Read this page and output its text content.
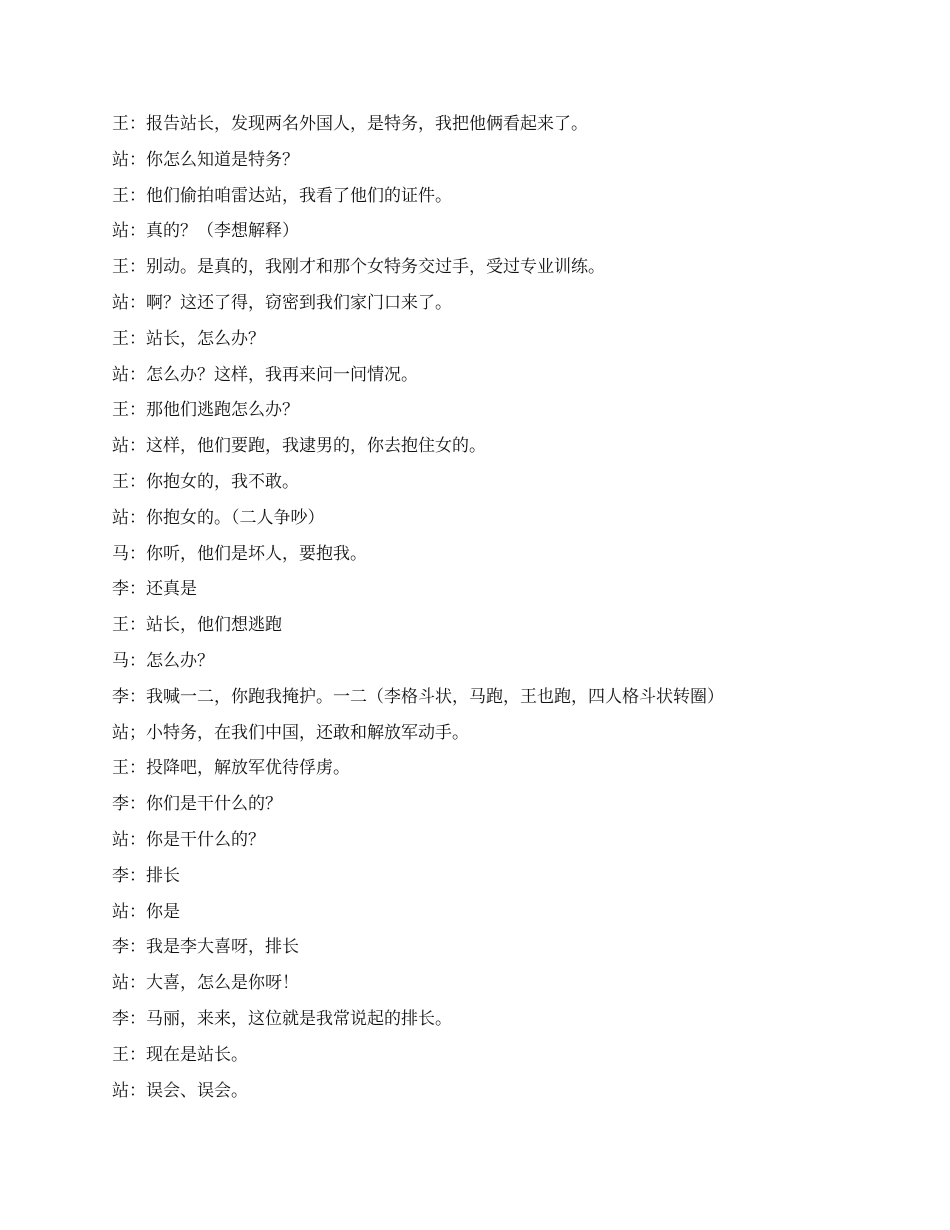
王：报告站长，发现两名外国人，是特务，我把他俩看起来了。
站：你怎么知道是特务？
王：他们偷拍咱雷达站，我看了他们的证件。
站：真的？（李想解释）
王：别动。是真的，我刚才和那个女特务交过手，受过专业训练。
站：啊？这还了得，窃密到我们家门口来了。
王：站长，怎么办？
站：怎么办？这样，我再来问一问情况。
王：那他们逃跑怎么办？
站：这样，他们要跑，我逮男的，你去抱住女的。
王：你抱女的，我不敢。
站：你抱女的。（二人争吵）
马：你听，他们是坏人，要抱我。
李：还真是
王：站长，他们想逃跑
马：怎么办？
李：我喊一二，你跑我掩护。一二（李格斗状，马跑，王也跑，四人格斗状转圈）
站；小特务，在我们中国，还敢和解放军动手。
王：投降吧，解放军优待俘虏。
李：你们是干什么的？
站：你是干什么的？
李：排长
站：你是
李：我是李大喜呀，排长
站：大喜，怎么是你呀！
李：马丽，来来，这位就是我常说起的排长。
王：现在是站长。
站：误会、误会。
